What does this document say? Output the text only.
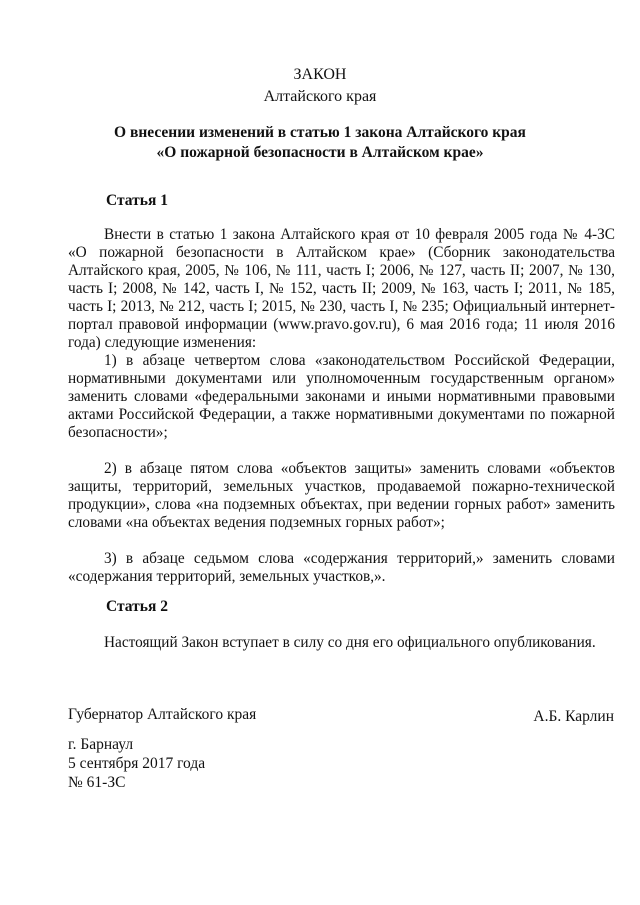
ЗАКОН
Алтайского края
О внесении изменений в статью 1 закона Алтайского края
«О пожарной безопасности в Алтайском крае»
Статья 1
Внести в статью 1 закона Алтайского края от 10 февраля 2005 года № 4-ЗС «О пожарной безопасности в Алтайском крае» (Сборник законодательства Алтайского края, 2005, № 106, № 111, часть I; 2006, № 127, часть II; 2007, № 130, часть I; 2008, № 142, часть I, № 152, часть II; 2009, № 163, часть I; 2011, № 185, часть I; 2013, № 212, часть I; 2015, № 230, часть I, № 235; Официальный интернет-портал правовой информации (www.pravo.gov.ru), 6 мая 2016 года; 11 июля 2016 года) следующие изменения:
1) в абзаце четвертом слова «законодательством Российской Федерации, нормативными документами или уполномоченным государственным органом» заменить словами «федеральными законами и иными нормативными правовыми актами Российской Федерации, а также нормативными документами по пожарной безопасности»;
2) в абзаце пятом слова «объектов защиты» заменить словами «объектов защиты, территорий, земельных участков, продаваемой пожарно-технической продукции», слова «на подземных объектах, при ведении горных работ» заменить словами «на объектах ведения подземных горных работ»;
3) в абзаце седьмом слова «содержания территорий,» заменить словами «содержания территорий, земельных участков,».
Статья 2
Настоящий Закон вступает в силу со дня его официального опубликования.
Губернатор Алтайского края	А.Б. Карлин
г. Барнаул
5 сентября 2017 года
№ 61-ЗС
